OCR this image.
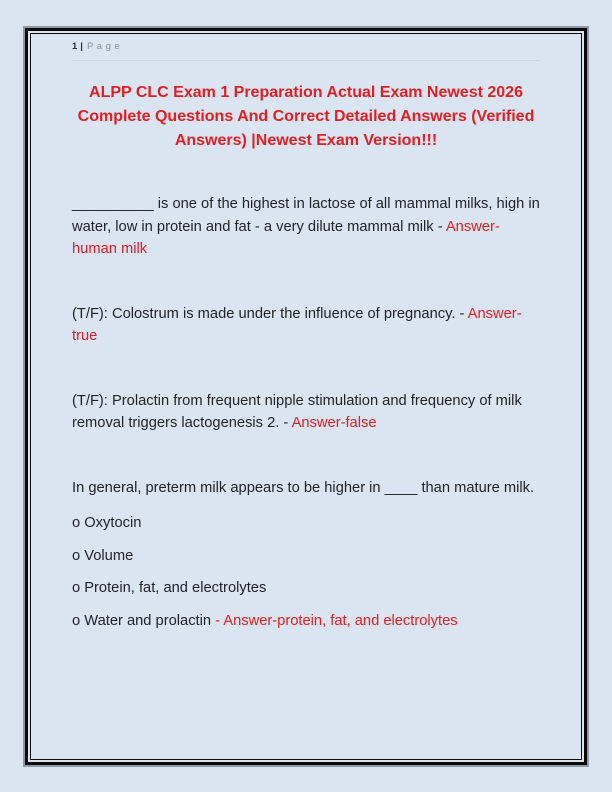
1 | Page
ALPP CLC Exam 1 Preparation Actual Exam Newest 2026 Complete Questions And Correct Detailed Answers (Verified Answers) |Newest Exam Version!!!

__________ is one of the highest in lactose of all mammal milks, high in water, low in protein and fat - a very dilute mammal milk - Answer-human milk

(T/F): Colostrum is made under the influence of pregnancy. - Answer-true

(T/F): Prolactin from frequent nipple stimulation and frequency of milk removal triggers lactogenesis 2. - Answer-false

In general, preterm milk appears to be higher in ____ than mature milk.

o Oxytocin

o Volume

o Protein, fat, and electrolytes

o Water and prolactin - Answer-protein, fat, and electrolytes
